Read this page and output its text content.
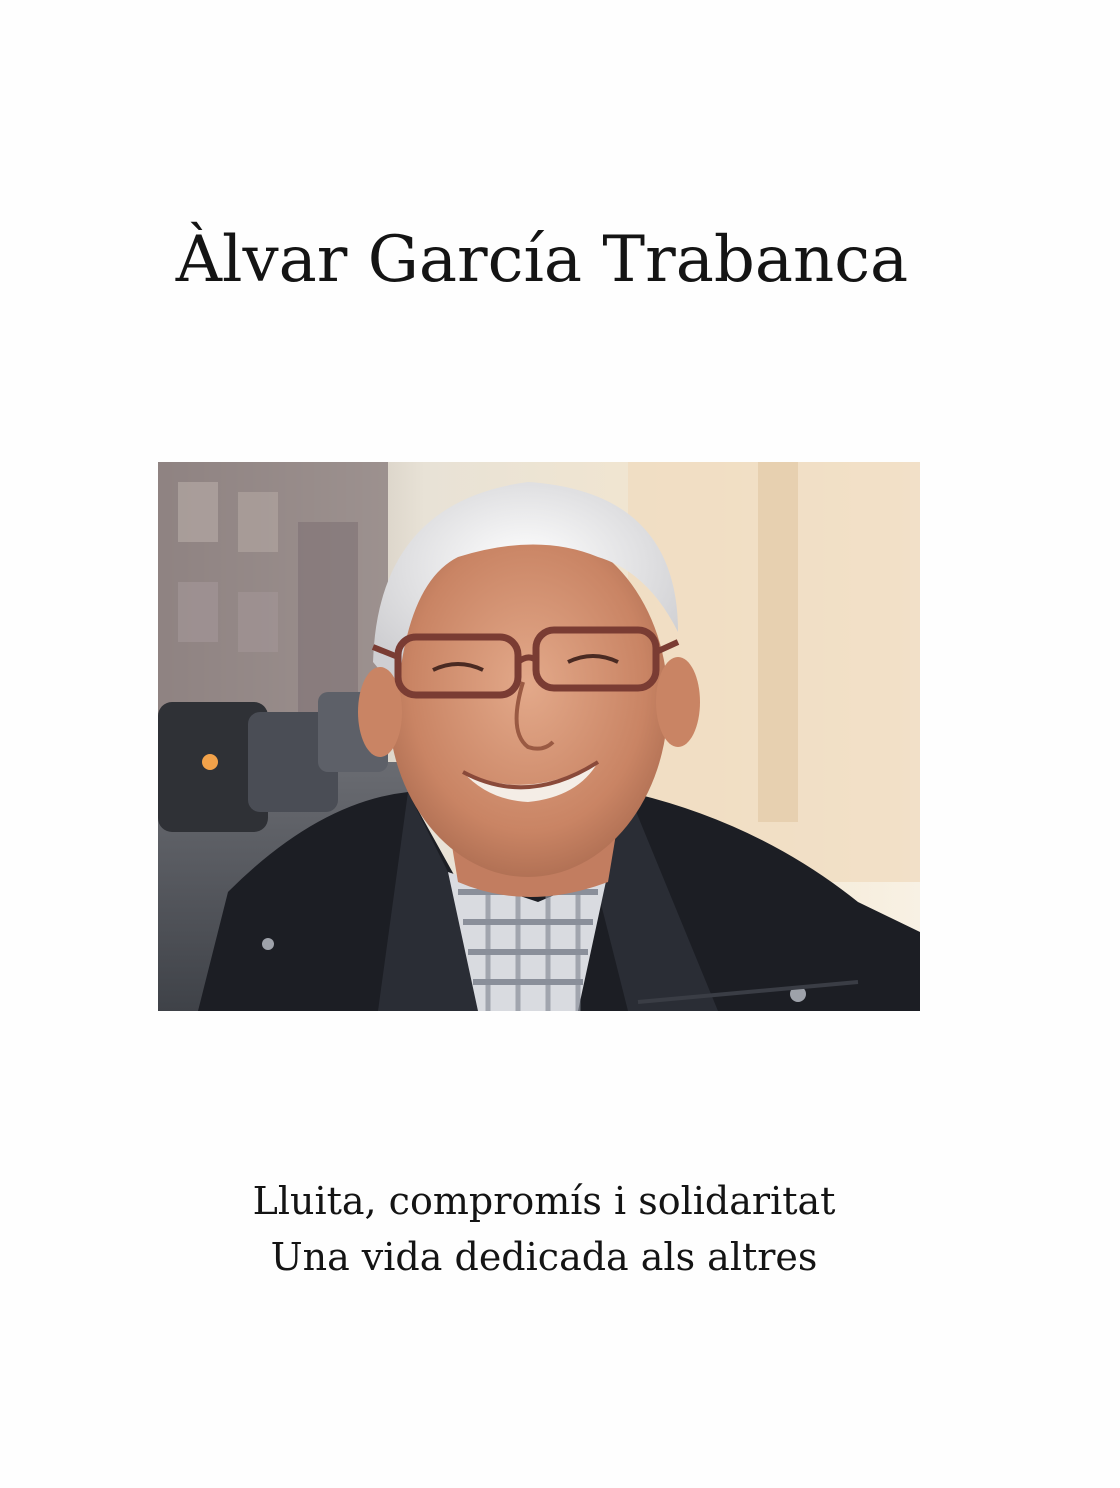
Àlvar García Trabanca
Lluita, compromís i solidaritat
Una vida dedicada als altres
